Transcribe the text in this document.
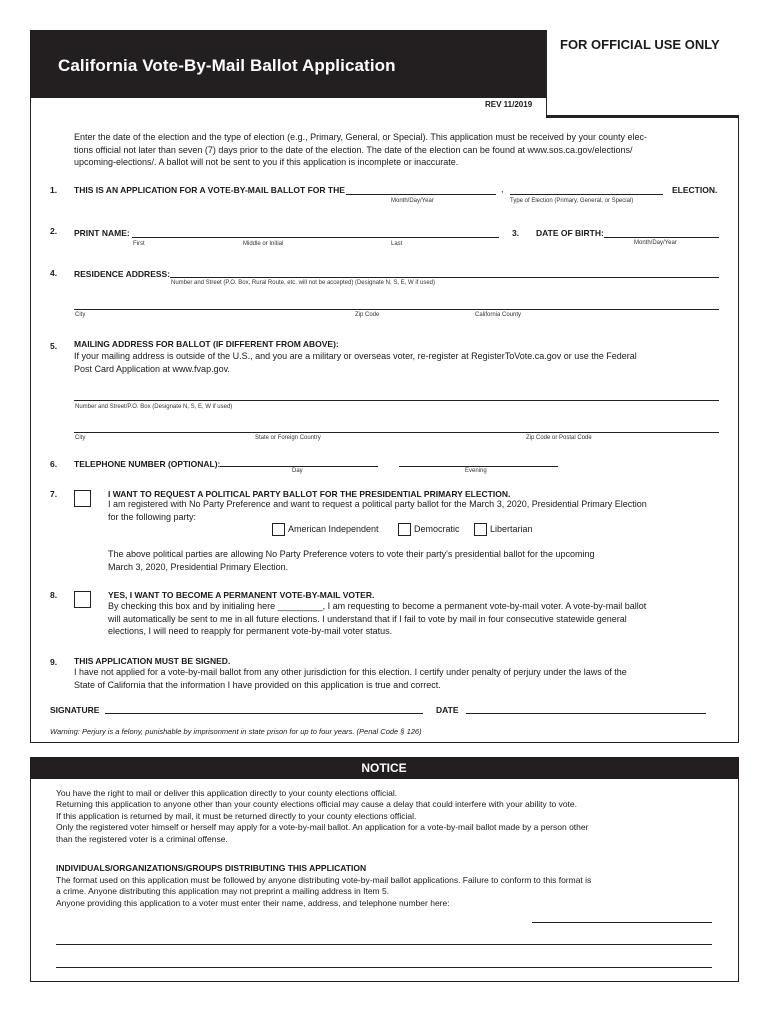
California Vote-By-Mail Ballot Application
FOR OFFICIAL USE ONLY
REV 11/2019
Enter the date of the election and the type of election (e.g., Primary, General, or Special). This application must be received by your county elec-
tions official not later than seven (7) days prior to the date of the election. The date of the election can be found at www.sos.ca.gov/elections/
upcoming-elections/. A ballot will not be sent to you if this application is incomplete or inaccurate.
1. THIS IS AN APPLICATION FOR A VOTE-BY-MAIL BALLOT FOR THE	,	ELECTION.
Month/Day/Year	Type of Election (Primary, General, or Special)
2. PRINT NAME:
First	Middle or Initial	Last
3. DATE OF BIRTH:
Month/Day/Year
4. RESIDENCE ADDRESS:
Number and Street (P.O. Box, Rural Route, etc. will not be accepted) (Designate N, S, E, W if used)
City	Zip Code	California County
5. MAILING ADDRESS FOR BALLOT (IF DIFFERENT FROM ABOVE):
If your mailing address is outside of the U.S., and you are a military or overseas voter, re-register at RegisterToVote.ca.gov or use the Federal
Post Card Application at www.fvap.gov.
Number and Street/P.O. Box (Designate N, S, E, W if used)
City	State or Foreign Country	Zip Code or Postal Code
6. TELEPHONE NUMBER (OPTIONAL):
Day	Evening
7.	I WANT TO REQUEST A POLITICAL PARTY BALLOT FOR THE PRESIDENTIAL PRIMARY ELECTION.
I am registered with No Party Preference and want to request a political party ballot for the March 3, 2020, Presidential Primary Election
for the following party:
American Independent	Democratic	Libertarian
The above political parties are allowing No Party Preference voters to vote their party's presidential ballot for the upcoming
March 3, 2020, Presidential Primary Election.
8.	YES, I WANT TO BECOME A PERMANENT VOTE-BY-MAIL VOTER.
By checking this box and by initialing here _________, I am requesting to become a permanent vote-by-mail voter. A vote-by-mail ballot
will automatically be sent to me in all future elections. I understand that if I fail to vote by mail in four consecutive statewide general
elections, I will need to reapply for permanent vote-by-mail voter status.
9. THIS APPLICATION MUST BE SIGNED.
I have not applied for a vote-by-mail ballot from any other jurisdiction for this election. I certify under penalty of perjury under the laws of the
State of California that the information I have provided on this application is true and correct.
SIGNATURE	DATE
Warning: Perjury is a felony, punishable by imprisonment in state prison for up to four years. (Penal Code § 126)
NOTICE
You have the right to mail or deliver this application directly to your county elections official.
Returning this application to anyone other than your county elections official may cause a delay that could interfere with your ability to vote.
If this application is returned by mail, it must be returned directly to your county elections official.
Only the registered voter himself or herself may apply for a vote-by-mail ballot. An application for a vote-by-mail ballot made by a person other
than the registered voter is a criminal offense.
INDIVIDUALS/ORGANIZATIONS/GROUPS DISTRIBUTING THIS APPLICATION
The format used on this application must be followed by anyone distributing vote-by-mail ballot applications. Failure to conform to this format is
a crime. Anyone distributing this application may not preprint a mailing address in Item 5.
Anyone providing this application to a voter must enter their name, address, and telephone number here:
